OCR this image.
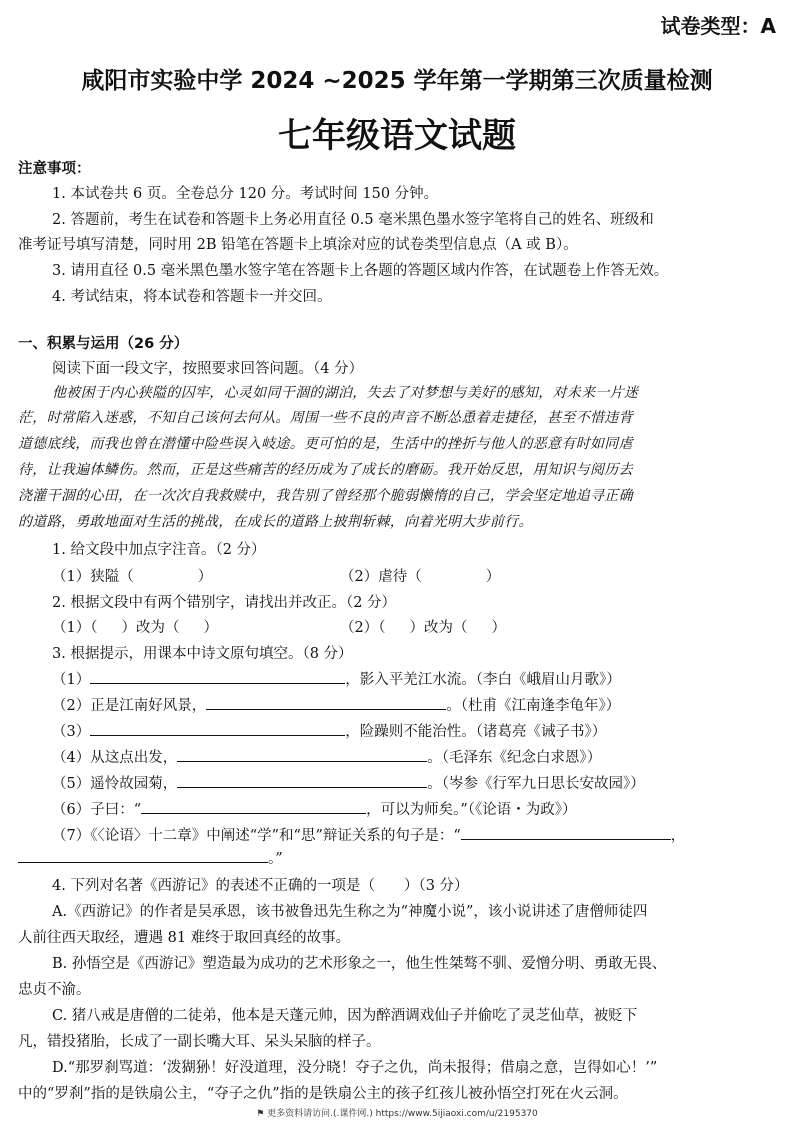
试卷类型：A
咸阳市实验中学 2024 ~2025 学年第一学期第三次质量检测
七年级语文试题
注意事项：
1. 本试卷共 6 页。全卷总分 120 分。考试时间 150 分钟。
2. 答题前，考生在试卷和答题卡上务必用直径 0.5 毫米黑色墨水签字笔将自己的姓名、班级和
准考证号填写清楚，同时用 2B 铅笔在答题卡上填涂对应的试卷类型信息点（A 或 B）。
3. 请用直径 0.5 毫米黑色墨水签字笔在答题卡上各题的答题区域内作答，在试题卷上作答无效。
4. 考试结束，将本试卷和答题卡一并交回。
一、积累与运用（26 分）
阅读下面一段文字，按照要求回答问题。（4 分）
他被困于内心狭隘的囚牢，心灵如同干涸的湖泊，失去了对梦想与美好的感知，对未来一片迷
茫，时常陷入迷惑，不知自己该何去何从。周围一些不良的声音不断怂恿着走捷径，甚至不惜违背
道德底线，而我也曾在潜懂中险些误入岐途。更可怕的是，生活中的挫折与他人的恶意有时如同虐
待，让我遍体鳞伤。然而，正是这些痛苦的经历成为了成长的磨砺。我开始反思，用知识与阅历去
浇灌干涸的心田，在一次次自我救赎中，我告别了曾经那个脆弱懒惰的自己，学会坚定地追寻正确
的道路，勇敢地面对生活的挑战，在成长的道路上披荆斩棘，向着光明大步前行。
1. 给文段中加点字注音。（2 分）
（1）狭隘（	）	（2）虐待（	）
2. 根据文段中有两个错别字，请找出并改正。（2 分）
（1）（ ）改为（ ）	（2）（ ）改为（ ）
3. 根据提示，用课本中诗文原句填空。（8 分）
（1）	，影入平羌江水流。（李白《峨眉山月歌》）
（2）正是江南好风景，	。（杜甫《江南逢李龟年》）
（3）	，险躁则不能治性。（诸葛亮《诫子书》）
（4）从这点出发，	。（毛泽东《纪念白求恩》）
（5）遥怜故园菊，	。（岑参《行军九日思长安故园》）
（6）子曰：“	，可以为师矣。”（《论语・为政》）
（7）《〈论语〉十二章》中阐述“学”和“思”辩证关系的句子是：“	，
。”
4. 下列对名著《西游记》的表述不正确的一项是（　　）（3 分）
A.《西游记》的作者是吴承恩，该书被鲁迅先生称之为“神魔小说”，该小说讲述了唐僧师徒四
人前往西天取经，遭遇 81 难终于取回真经的故事。
B. 孙悟空是《西游记》塑造最为成功的艺术形象之一，他生性桀骜不驯、爱憎分明、勇敢无畏、
忠贞不渝。
C. 猪八戒是唐僧的二徒弟，他本是天蓬元帅，因为醉酒调戏仙子并偷吃了灵芝仙草，被贬下
凡，错投猪胎，长成了一副长嘴大耳、呆头呆脑的样子。
D.“那罗刹骂道：‘泼猢狲！好没道理，没分晓！夺子之仇，尚未报得；借扇之意，岂得如心！’”
中的“罗刹”指的是铁扇公主，“夺子之仇”指的是铁扇公主的孩子红孩儿被孙悟空打死在火云洞。
⚑ 更多资料请访问.(.课件网.) https://www.5ijiaoxi.com/u/2195370
